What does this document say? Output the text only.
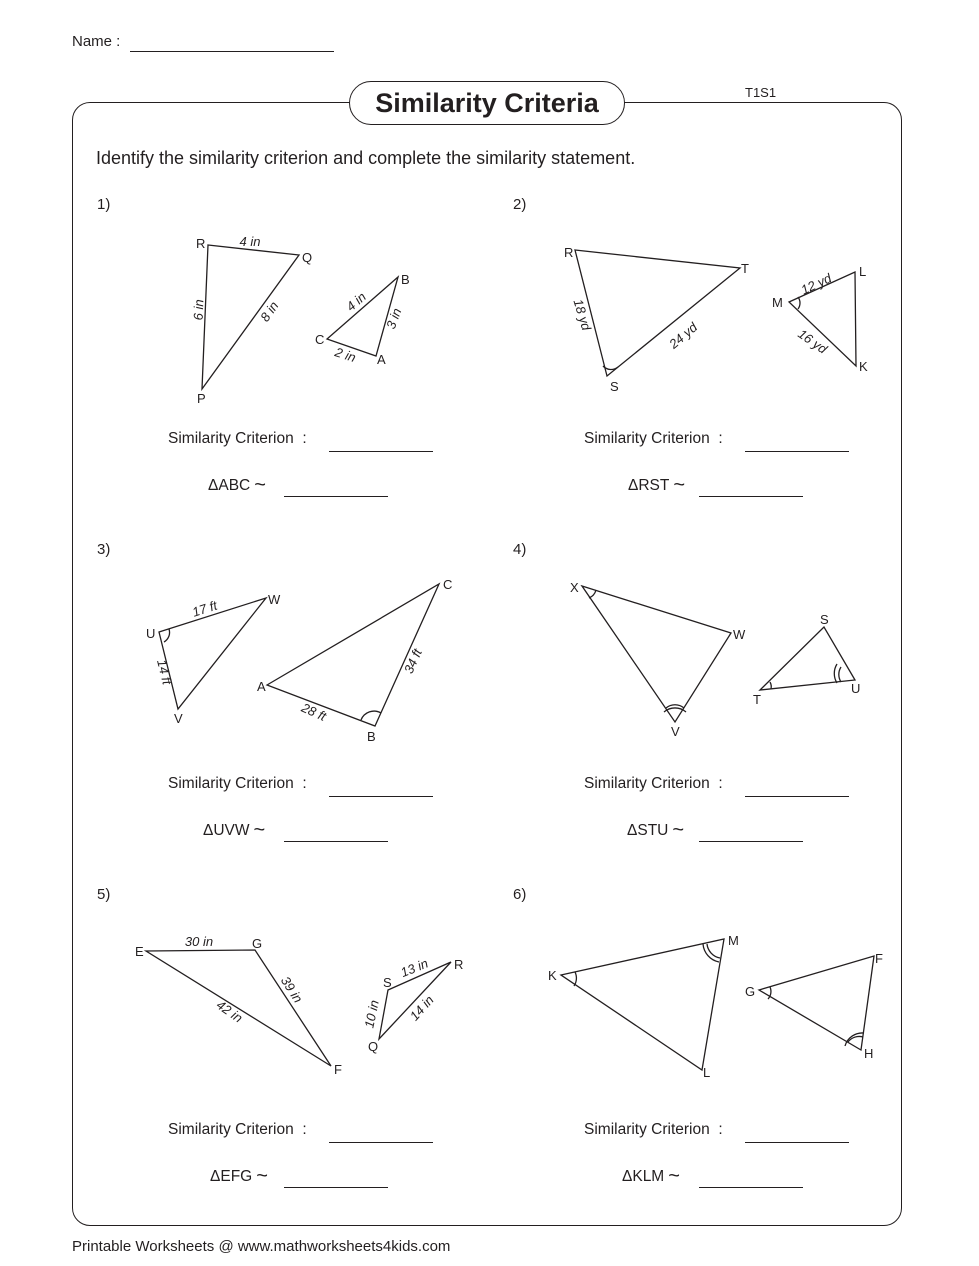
Name :
Similarity Criteria	T1S1
Identify the similarity criterion and complete the similarity statement.
1)	2)
3)	4)
5)	6)
R
Q
P
B
C
A
4 in
6 in	8 in	4 in
3 in
2 in
R
T
S
M
L
K
18 yd
24 yd
12 yd
16 yd
U
W
V
A
C
B
17 ft
14 ft
28 ft
34 ft
X
W
V
S
T
U
E
G
F
S
R
Q
30 in
42 in
39 in
13 in
10 in 14 in
K
M
L
G
F
H
Similarity Criterion :
ΔABC ~
Similarity Criterion :
ΔRST ~
Similarity Criterion :
ΔUVW ~
Similarity Criterion :
ΔSTU ~
Similarity Criterion :
ΔEFG ~
Similarity Criterion :
ΔKLM ~
Printable Worksheets @ www.mathworksheets4kids.com
